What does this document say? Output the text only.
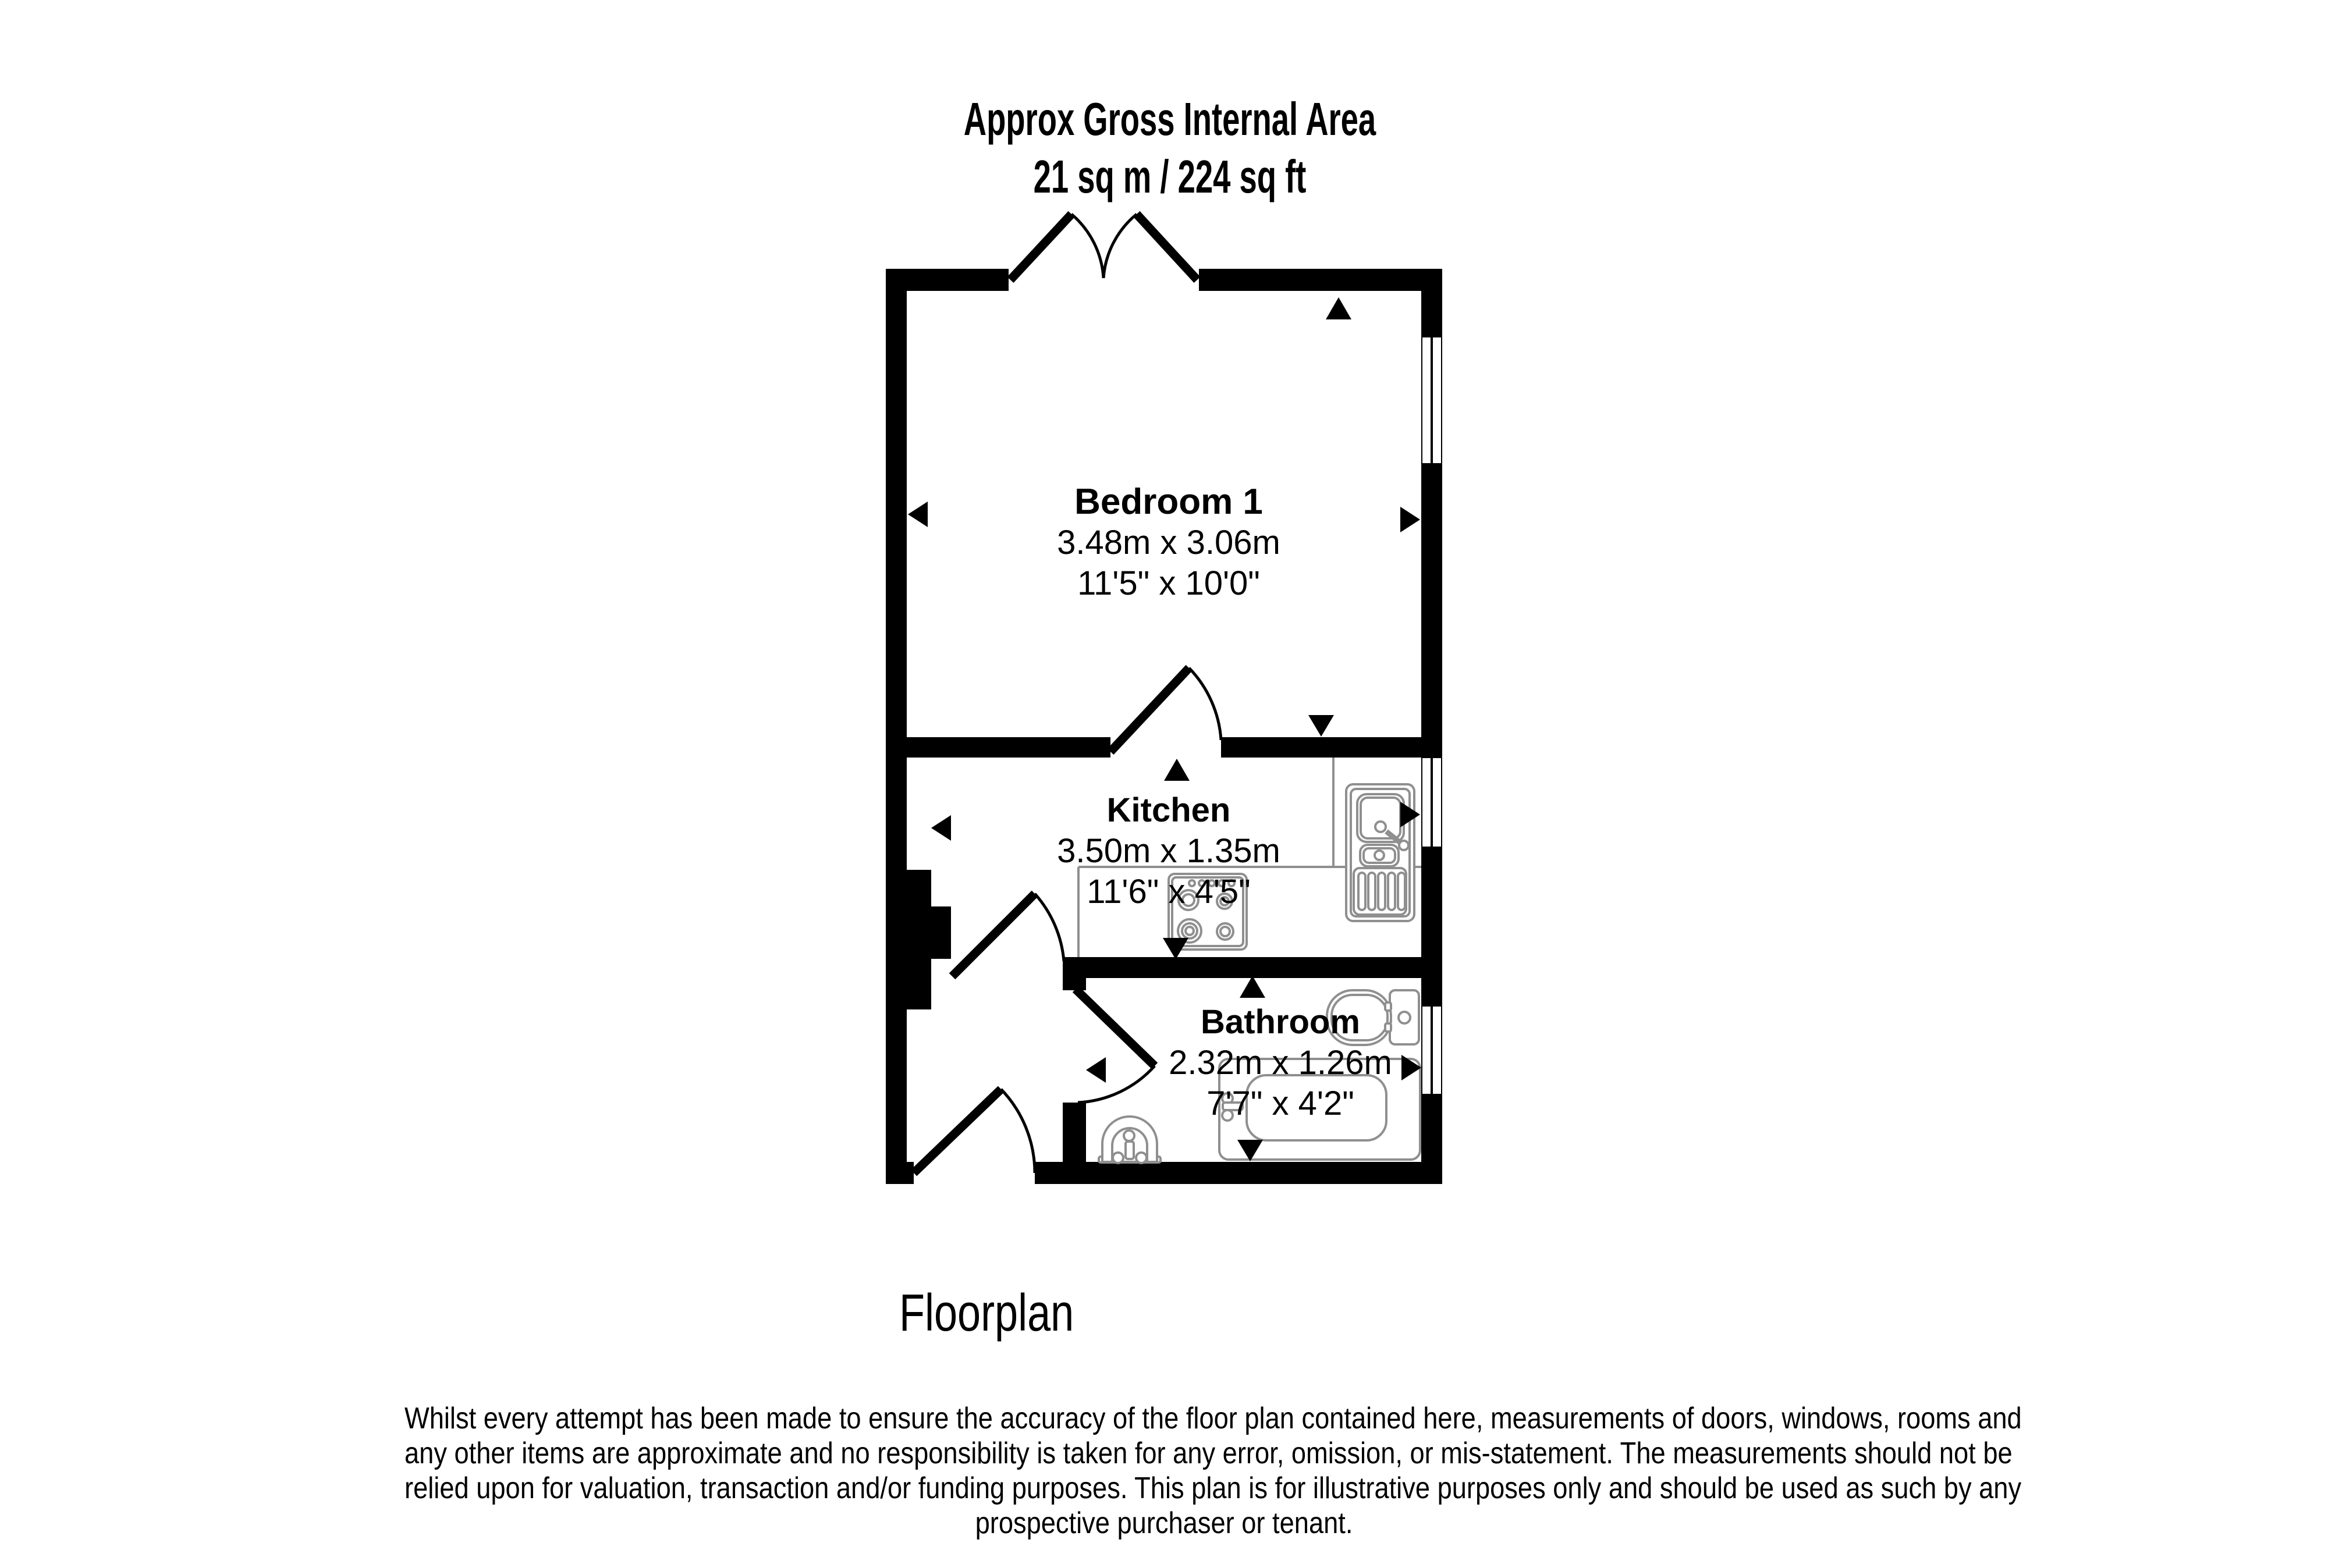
Approx Gross Internal Area
21 sq m / 224 sq ft
Bedroom 1
3.48m x 3.06m
11'5" x 10'0"
Kitchen
3.50m x 1.35m
11'6" x 4'5"
Bathroom
2.32m x 1.26m
7'7" x 4'2"
Floorplan
Whilst every attempt has been made to ensure the accuracy of the floor plan contained here, measurements of doors, windows, rooms and
any other items are approximate and no responsibility is taken for any error, omission, or mis-statement. The measurements should not be
relied upon for valuation, transaction and/or funding purposes. This plan is for illustrative purposes only and should be used as such by any
prospective purchaser or tenant.
